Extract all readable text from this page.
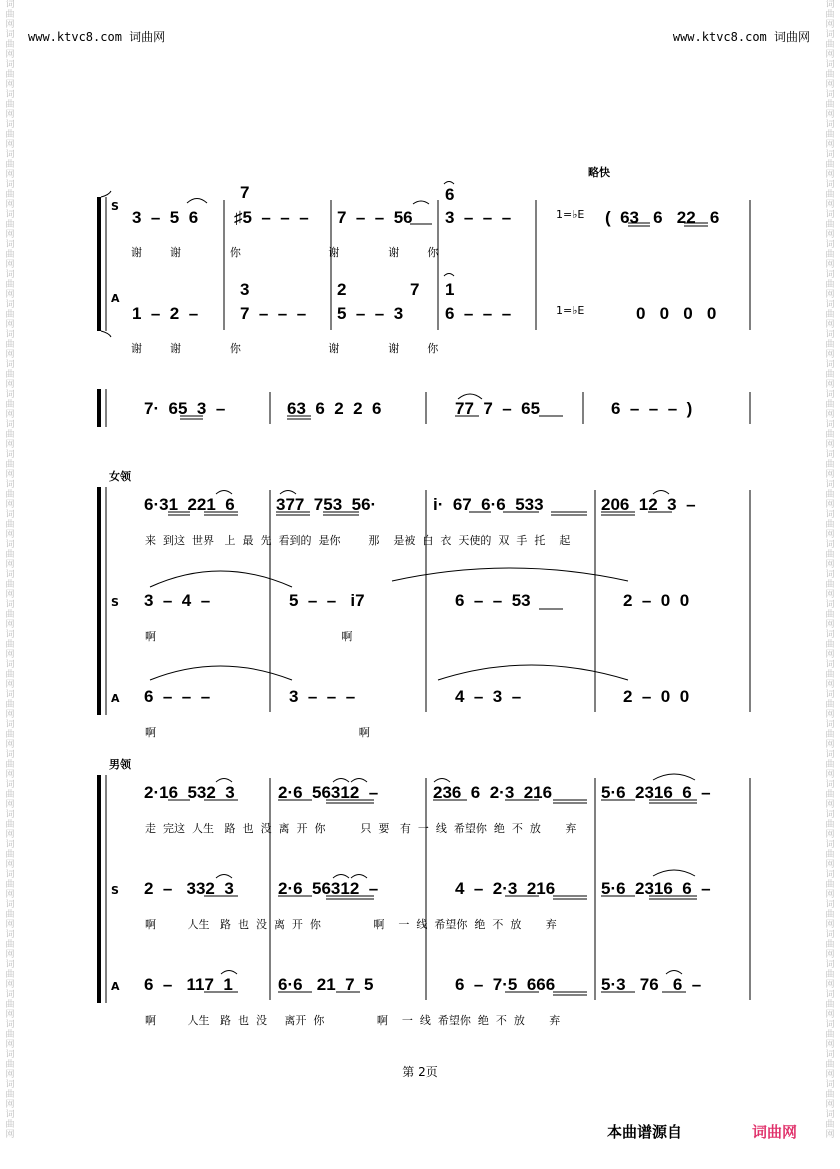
词曲网词曲网词曲网词曲网词曲网词曲网词曲网词曲网词曲网词曲网词曲网词曲网词曲网词曲网词曲网词曲网词曲网词曲网词曲网词曲网词曲网词曲网词曲网词曲网词曲网词曲网词曲网词曲网词曲网词曲网词曲网词曲网词曲网词曲网词曲网词曲网词曲网词曲网
词曲网词曲网词曲网词曲网词曲网词曲网词曲网词曲网词曲网词曲网词曲网词曲网词曲网词曲网词曲网词曲网词曲网词曲网词曲网词曲网词曲网词曲网词曲网词曲网词曲网词曲网词曲网词曲网词曲网词曲网词曲网词曲网词曲网词曲网词曲网词曲网词曲网词曲网
www.ktvc8.com 词曲网	www.ktvc8.com 词曲网
略快
S
A
1=♭E
1=♭E
7	6
3  –  5  6 ♯5  –  –  – 7  –  –  56 3  –  –  –	(  63   6   22   6
谢        谢              你                         谢              谢        你
3	2	7 1
1  –  2  – 7  –  –  – 5  –  –  3 6  –  –  –	0   0   0   0
谢        谢              你                         谢              谢        你
7·  65  3  –	63  6  2  2  6	77  7  –  65	6  –  –  –  )
女领
6·31  221  6 377  753  56·	i·  67  6·6  533	206  12  3  –
来  到这  世界   上  最  先  看到的  是你        那    是被  白  衣  天使的  双  手  托    起
S 3  –  4  –	5  –  –   i7	6  –  –  53	2  –  0  0
啊                                                     啊
A 6  –  –  –	3  –  –  –	4  –  3  –	2  –  0  0
啊                                                          啊
男领
2·16  532  3	2·6  56312  –	236  6  2·3  216	5·6  2316  6  –
走  完这  人生   路  也  没  离  开  你          只  要   有  一  线  希望你  绝  不  放       弃
S 2  –   332  3	2·6  56312  –	4  –  2·3  216	5·6  2316  6  –
啊         人生   路  也  没  离  开  你               啊    一  线  希望你  绝  不  放       弃
A 6  –   117  1	6·6   21  7  5	6  –  7·5  666	5·3   76   6  –
啊         人生   路  也  没     离开  你               啊    一  线  希望你  绝  不  放       弃
第 2页
本曲谱源自	词曲网
